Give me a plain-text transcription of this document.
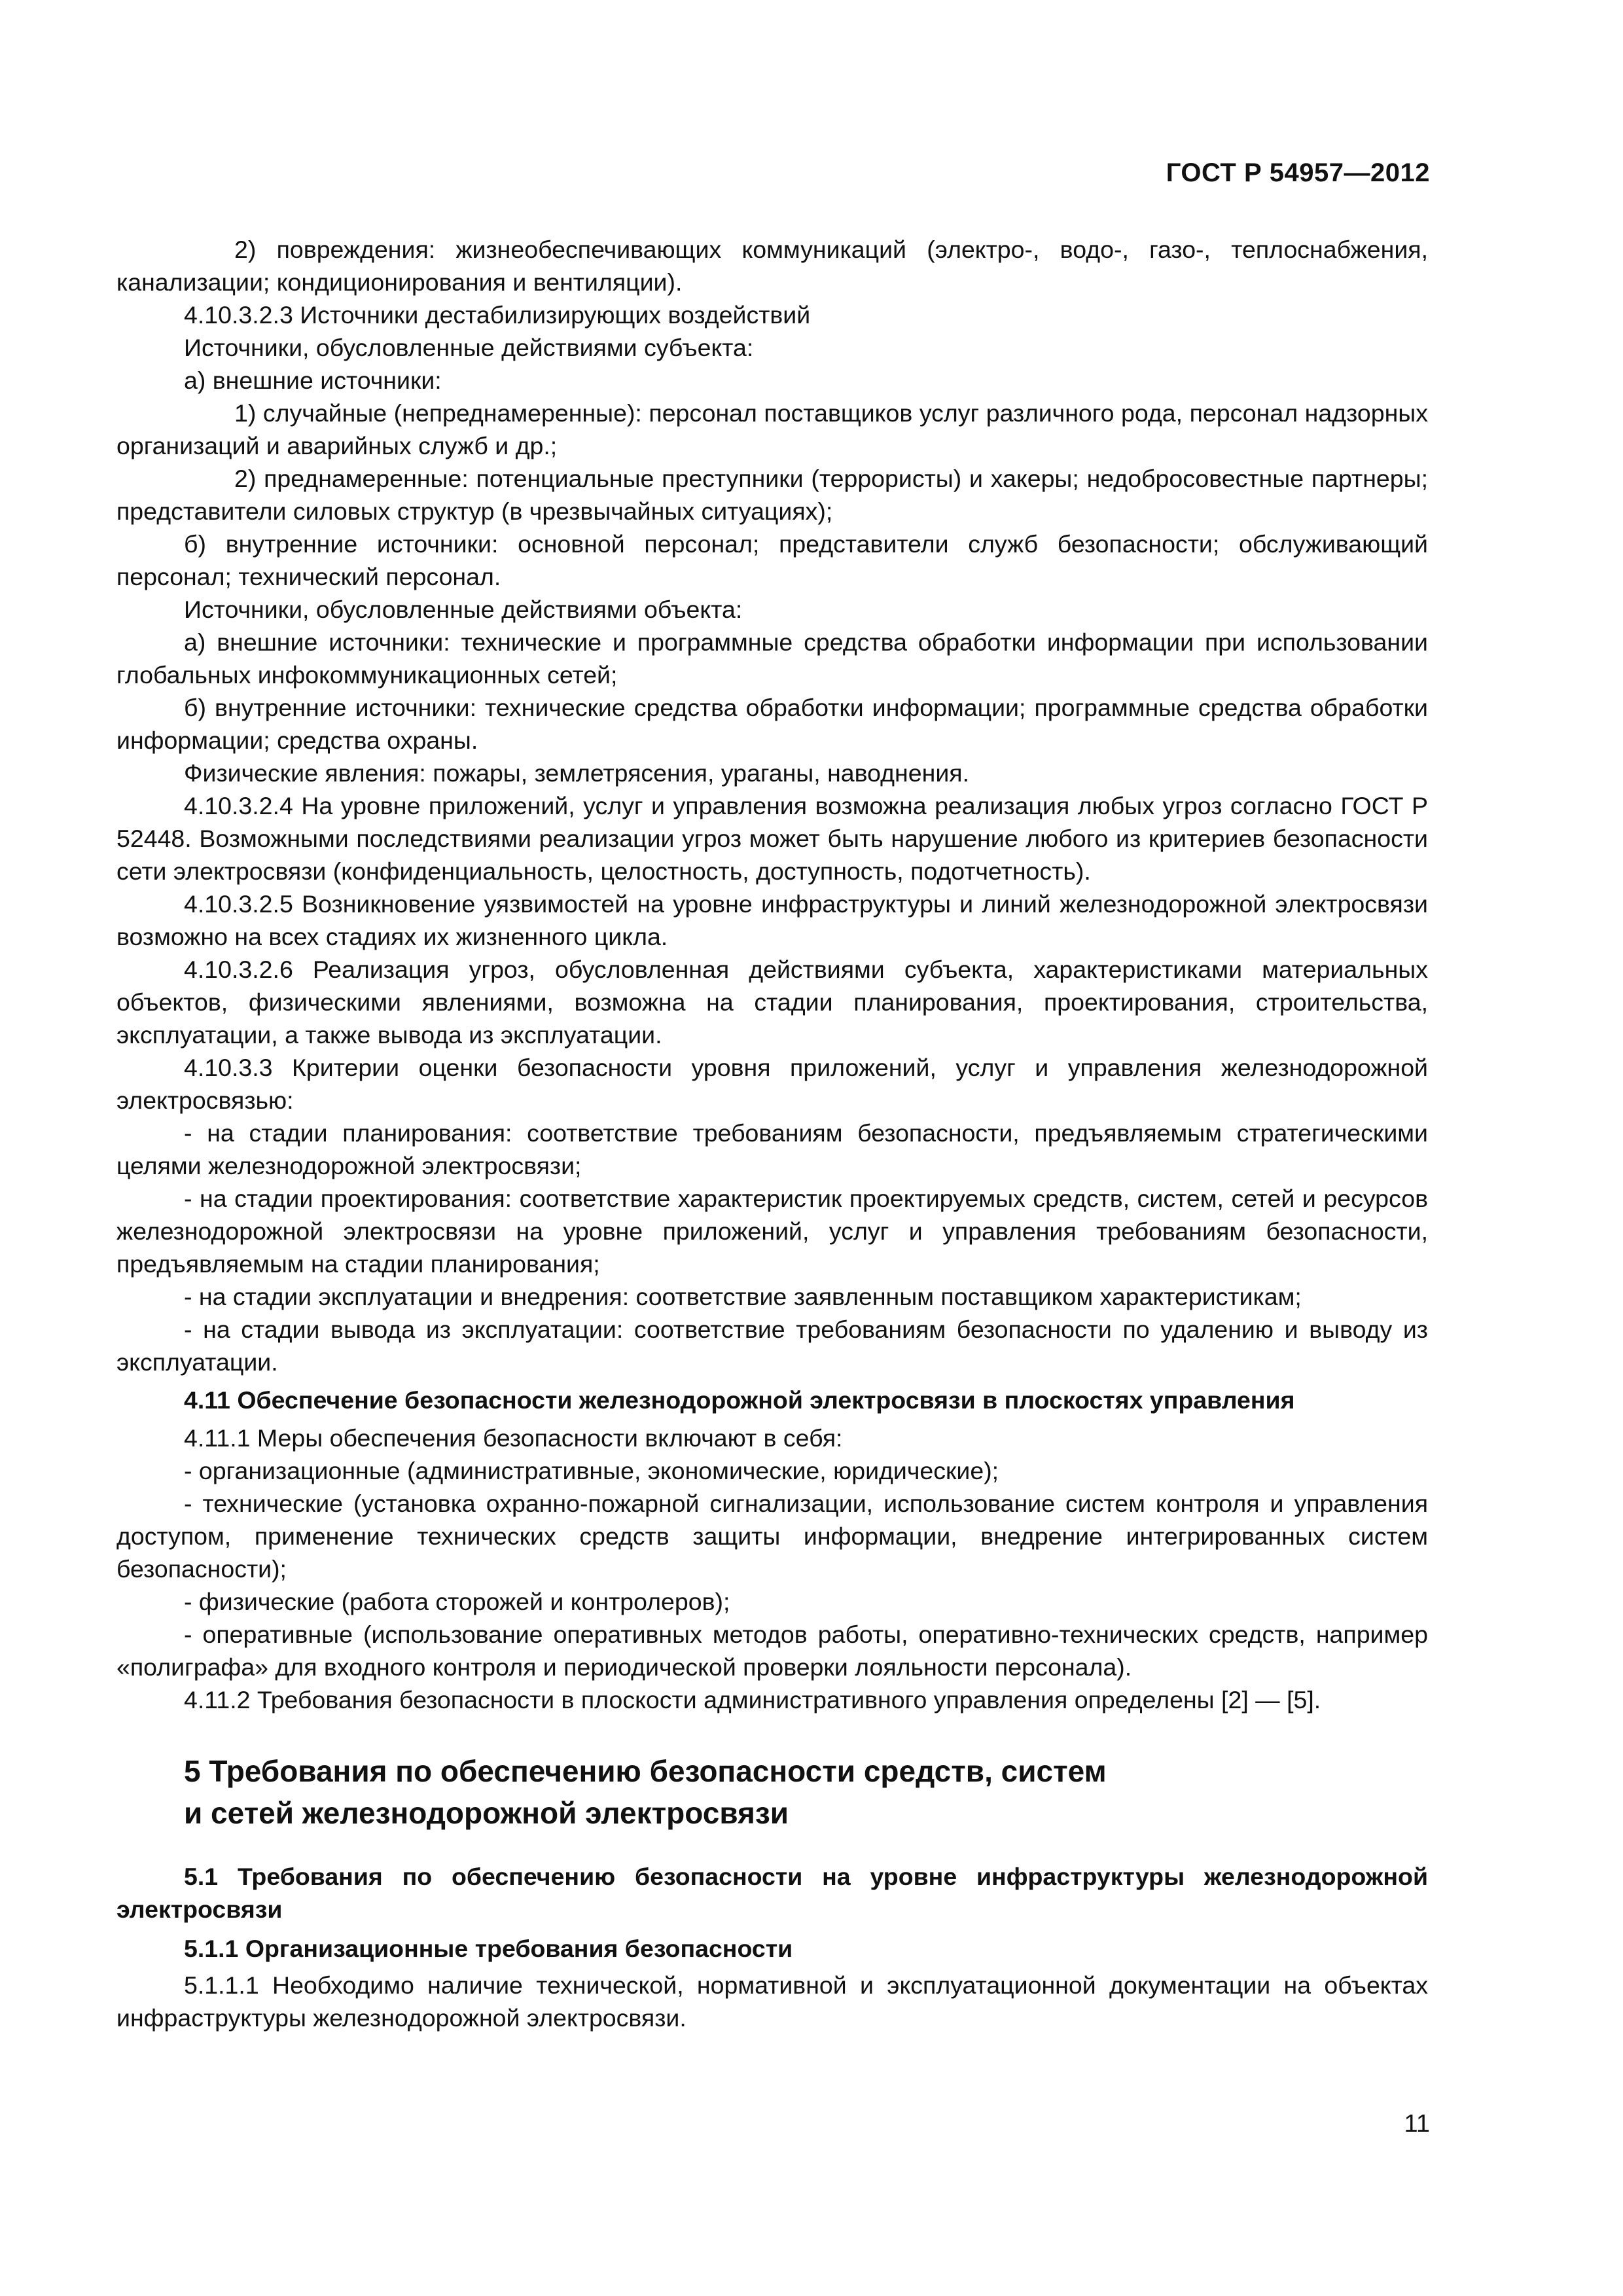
ГОСТ Р 54957—2012

2) повреждения: жизнеобеспечивающих коммуникаций (электро-, водо-, газо-, теплоснабжения, канализации; кондиционирования и вентиляции).

4.10.3.2.3 Источники дестабилизирующих воздействий

Источники, обусловленные действиями субъекта:

а) внешние источники:

1) случайные (непреднамеренные): персонал поставщиков услуг различного рода, персонал надзорных организаций и аварийных служб и др.;

2) преднамеренные: потенциальные преступники (террористы) и хакеры; недобросовестные партнеры; представители силовых структур (в чрезвычайных ситуациях);

б) внутренние источники: основной персонал; представители служб безопасности; обслуживающий персонал; технический персонал.

Источники, обусловленные действиями объекта:

а) внешние источники: технические и программные средства обработки информации при использовании глобальных инфокоммуникационных сетей;

б) внутренние источники: технические средства обработки информации; программные средства обработки информации; средства охраны.

Физические явления: пожары, землетрясения, ураганы, наводнения.

4.10.3.2.4 На уровне приложений, услуг и управления возможна реализация любых угроз согласно ГОСТ Р 52448. Возможными последствиями реализации угроз может быть нарушение любого из критериев безопасности сети электросвязи (конфиденциальность, целостность, доступность, подотчетность).

4.10.3.2.5 Возникновение уязвимостей на уровне инфраструктуры и линий железнодорожной электросвязи возможно на всех стадиях их жизненного цикла.

4.10.3.2.6 Реализация угроз, обусловленная действиями субъекта, характеристиками материальных объектов, физическими явлениями, возможна на стадии планирования, проектирования, строительства, эксплуатации, а также вывода из эксплуатации.

4.10.3.3 Критерии оценки безопасности уровня приложений, услуг и управления железнодорожной электросвязью:

- на стадии планирования: соответствие требованиям безопасности, предъявляемым стратегическими целями железнодорожной электросвязи;

- на стадии проектирования: соответствие характеристик проектируемых средств, систем, сетей и ресурсов железнодорожной электросвязи на уровне приложений, услуг и управления требованиям безопасности, предъявляемым на стадии планирования;

- на стадии эксплуатации и внедрения: соответствие заявленным поставщиком характеристикам;

- на стадии вывода из эксплуатации: соответствие требованиям безопасности по удалению и выводу из эксплуатации.

4.11 Обеспечение безопасности железнодорожной электросвязи в плоскостях управления

4.11.1 Меры обеспечения безопасности включают в себя:

- организационные (административные, экономические, юридические);

- технические (установка охранно-пожарной сигнализации, использование систем контроля и управления доступом, применение технических средств защиты информации, внедрение интегрированных систем безопасности);

- физические (работа сторожей и контролеров);

- оперативные (использование оперативных методов работы, оперативно-технических средств, например «полиграфа» для входного контроля и периодической проверки лояльности персонала).

4.11.2 Требования безопасности в плоскости административного управления определены [2] — [5].

5 Требования по обеспечению безопасности средств, систем
и сетей железнодорожной электросвязи

5.1 Требования по обеспечению безопасности на уровне инфраструктуры железнодорожной электросвязи

5.1.1 Организационные требования безопасности

5.1.1.1 Необходимо наличие технической, нормативной и эксплуатационной документации на объектах инфраструктуры железнодорожной электросвязи.

11
